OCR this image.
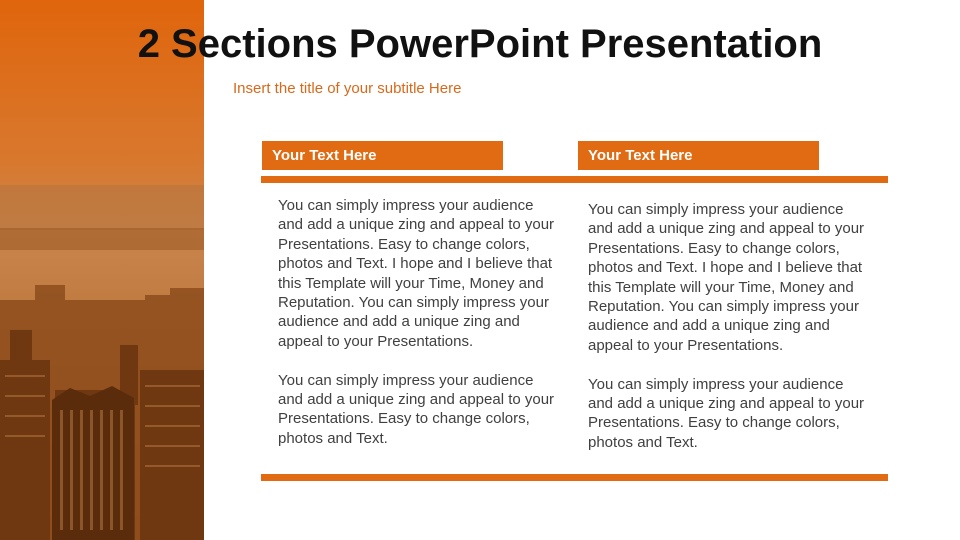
2 Sections PowerPoint Presentation
Insert the title of your subtitle Here
Your Text Here	Your Text Here

You can simply impress your audience and add a unique zing and appeal to your Presentations. Easy to change colors, photos and Text. I hope and I believe that this Template will your Time, Money and Reputation. You can simply impress your audience and add a unique zing and appeal to your Presentations.

You can simply impress your audience and add a unique zing and appeal to your Presentations. Easy to change colors, photos and Text.

You can simply impress your audience and add a unique zing and appeal to your Presentations. Easy to change colors, photos and Text. I hope and I believe that this Template will your Time, Money and Reputation. You can simply impress your audience and add a unique zing and appeal to your Presentations.

You can simply impress your audience and add a unique zing and appeal to your Presentations. Easy to change colors, photos and Text.
